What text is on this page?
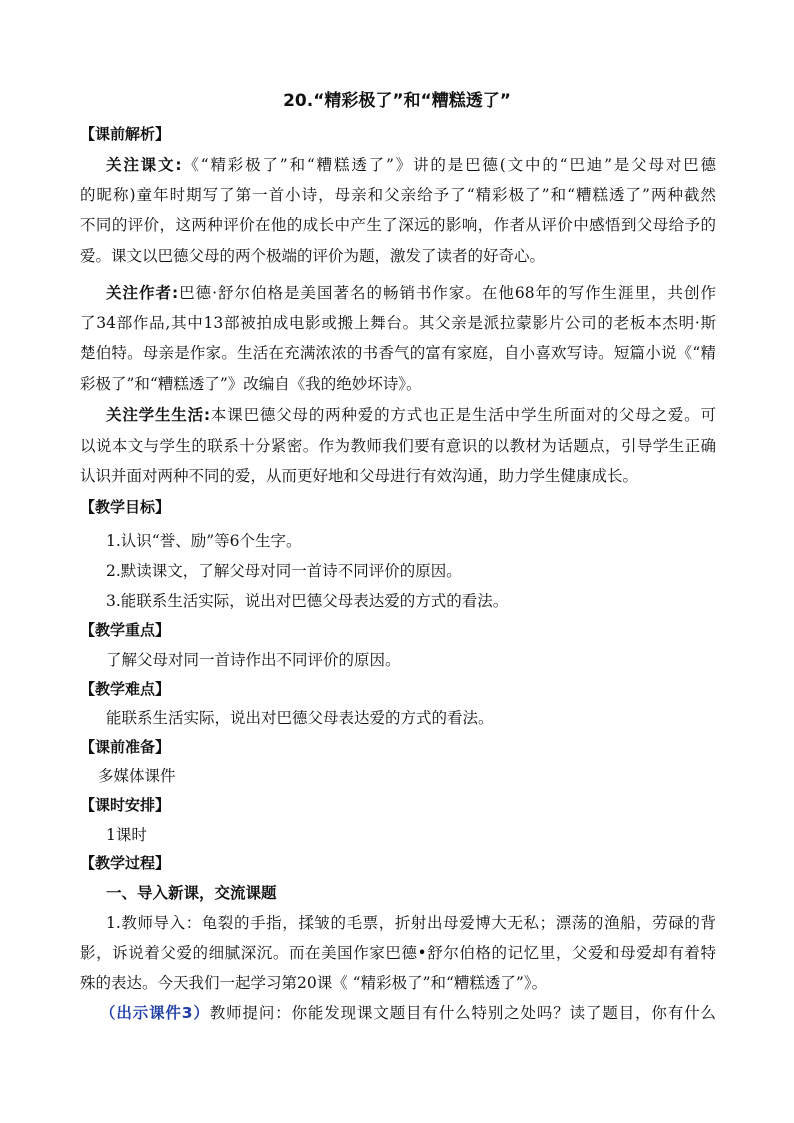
20.“精彩极了”和“糟糕透了”
【课前解析】
关注课文:《“精彩极了”和“糟糕透了”》讲的是巴德(文中的“巴迪”是父母对巴德
的昵称)童年时期写了第一首小诗，母亲和父亲给予了“精彩极了”和“糟糕透了”两种截然
不同的评价，这两种评价在他的成长中产生了深远的影响，作者从评价中感悟到父母给予的
爱。课文以巴德父母的两个极端的评价为题，激发了读者的好奇心。
关注作者:巴德·舒尔伯格是美国著名的畅销书作家。在他68年的写作生涯里，共创作
了34部作品,其中13部被拍成电影或搬上舞台。其父亲是派拉蒙影片公司的老板本杰明·斯
楚伯特。母亲是作家。生活在充满浓浓的书香气的富有家庭，自小喜欢写诗。短篇小说《“精
彩极了”和“糟糕透了”》改编自《我的绝妙坏诗》。
关注学生生活:本课巴德父母的两种爱的方式也正是生活中学生所面对的父母之爱。可
以说本文与学生的联系十分紧密。作为教师我们要有意识的以教材为话题点，引导学生正确
认识并面对两种不同的爱，从而更好地和父母进行有效沟通，助力学生健康成长。
【教学目标】
1.认识“誉、励”等6个生字。
2.默读课文，了解父母对同一首诗不同评价的原因。
3.能联系生活实际，说出对巴德父母表达爱的方式的看法。
【教学重点】
了解父母对同一首诗作出不同评价的原因。
【教学难点】
能联系生活实际，说出对巴德父母表达爱的方式的看法。
【课前准备】
多媒体课件
【课时安排】
1课时
【教学过程】
一、导入新课，交流课题
1.教师导入：龟裂的手指，揉皱的毛票，折射出母爱博大无私；漂荡的渔船，劳碌的背
影，诉说着父爱的细腻深沉。而在美国作家巴德•舒尔伯格的记忆里，父爱和母爱却有着特
殊的表达。今天我们一起学习第20课《 “精彩极了”和“糟糕透了”》。
（出示课件3）教师提问：你能发现课文题目有什么特别之处吗？读了题目，你有什么
